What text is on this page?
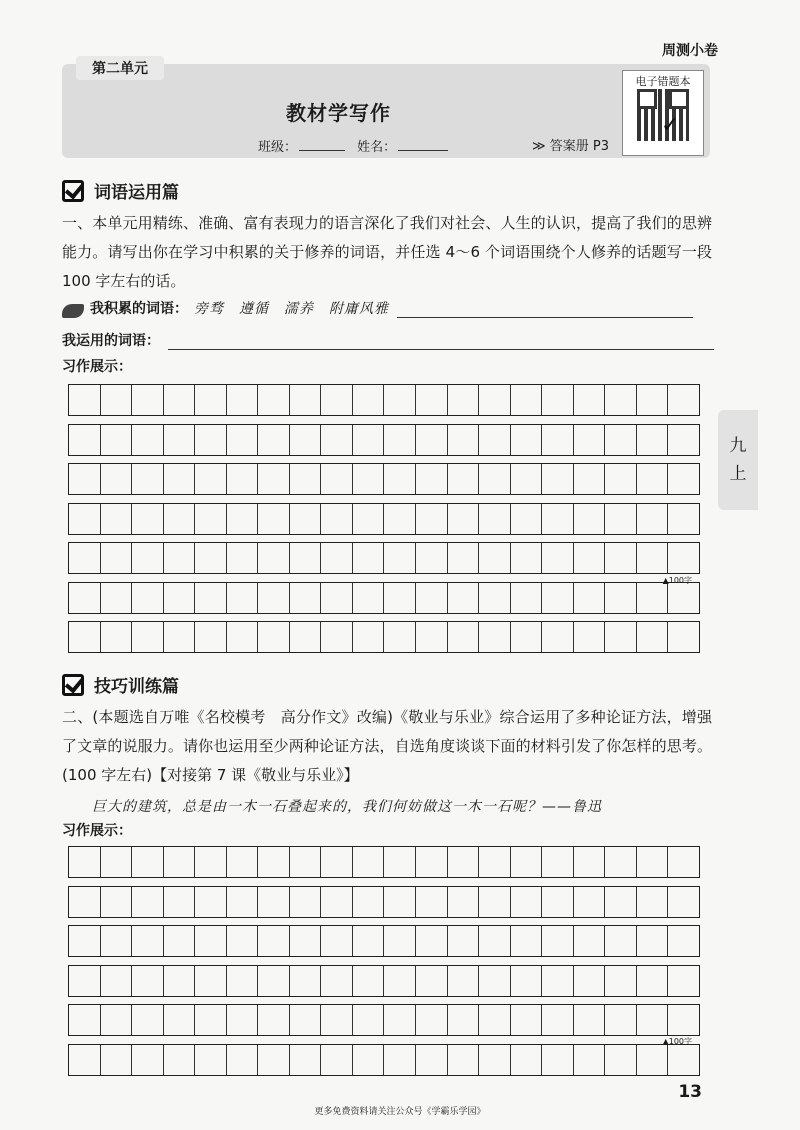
周测小卷
第二单元
教材学写作
班级：	姓名：	≫ 答案册 P3
电子错题本
✓
词语运用篇
一、本单元用精练、准确、富有表现力的语言深化了我们对社会、人生的认识，提高了我们的思辨能力。请写出你在学习中积累的关于修养的词语，并任选 4～6 个词语围绕个人修养的话题写一段 100 字左右的话。
我积累的词语： 旁骛　遵循　濡养　附庸风雅
我运用的词语：
习作展示：
▲100字
技巧训练篇
二、(本题选自万唯《名校模考　高分作文》改编)《敬业与乐业》综合运用了多种论证方法，增强了文章的说服力。请你也运用至少两种论证方法，自选角度谈谈下面的材料引发了你怎样的思考。(100 字左右)【对接第 7 课《敬业与乐业》】
巨大的建筑，总是由一木一石叠起来的，我们何妨做这一木一石呢？——鲁迅
习作展示：
▲100字
九
上
13
更多免费资料请关注公众号《学霸乐学园》
